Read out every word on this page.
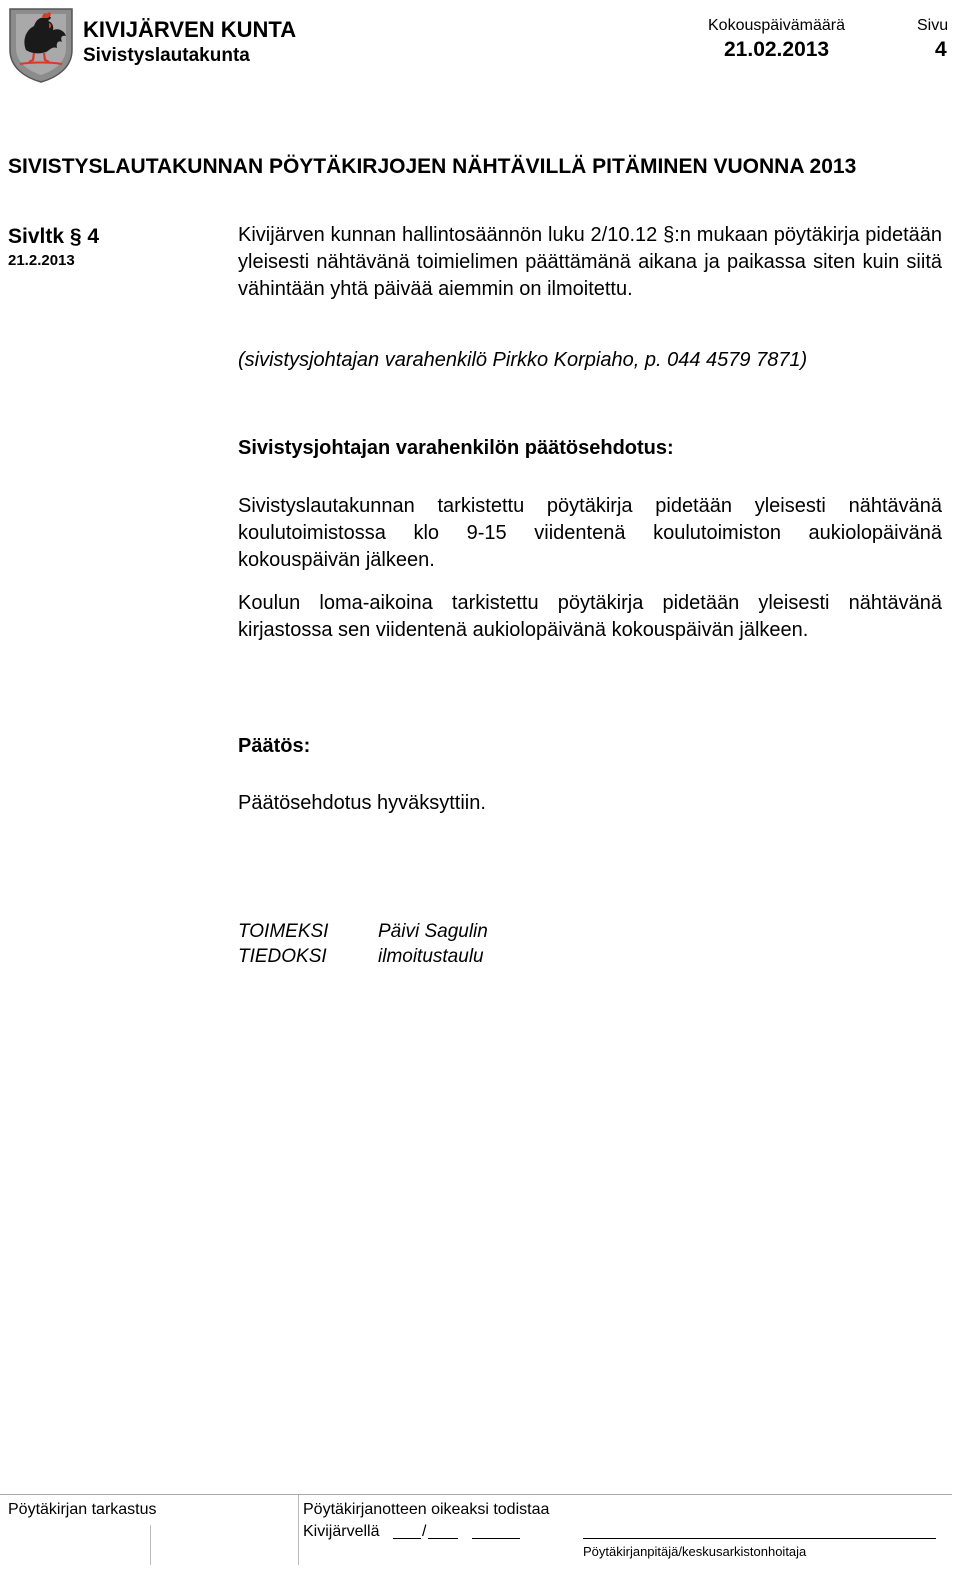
KIVIJÄRVEN KUNTA
Sivistyslautakunta
Kokouspäivämäärä
21.02.2013
Sivu
4
SIVISTYSLAUTAKUNNAN PÖYTÄKIRJOJEN NÄHTÄVILLÄ PITÄMINEN VUONNA 2013
Sivltk § 4
21.2.2013
Kivijärven kunnan hallintosäännön luku 2/10.12 §:n mukaan pöytäkirja pidetään yleisesti nähtävänä toimielimen päättämänä aikana ja paikassa siten kuin siitä vähintään yhtä päivää aiemmin on ilmoitettu.
(sivistysjohtajan varahenkilö Pirkko Korpiaho, p. 044 4579 7871)
Sivistysjohtajan varahenkilön päätösehdotus:
Sivistyslautakunnan tarkistettu pöytäkirja pidetään yleisesti nähtävänä koulutoimistossa klo 9-15 viidentenä koulutoimiston aukiolopäivänä kokouspäivän jälkeen.
Koulun loma-aikoina tarkistettu pöytäkirja pidetään yleisesti nähtävänä kirjastossa sen viidentenä aukiolopäivänä kokouspäivän jälkeen.
Päätös:
Päätösehdotus hyväksyttiin.
TOIMEKSI	Päivi Sagulin
TIEDOKSI	ilmoitustaulu
Pöytäkirjan tarkastus	Pöytäkirjanotteen oikeaksi todistaa
Kivijärvellä	/
Pöytäkirjanpitäjä/keskusarkistonhoitaja
